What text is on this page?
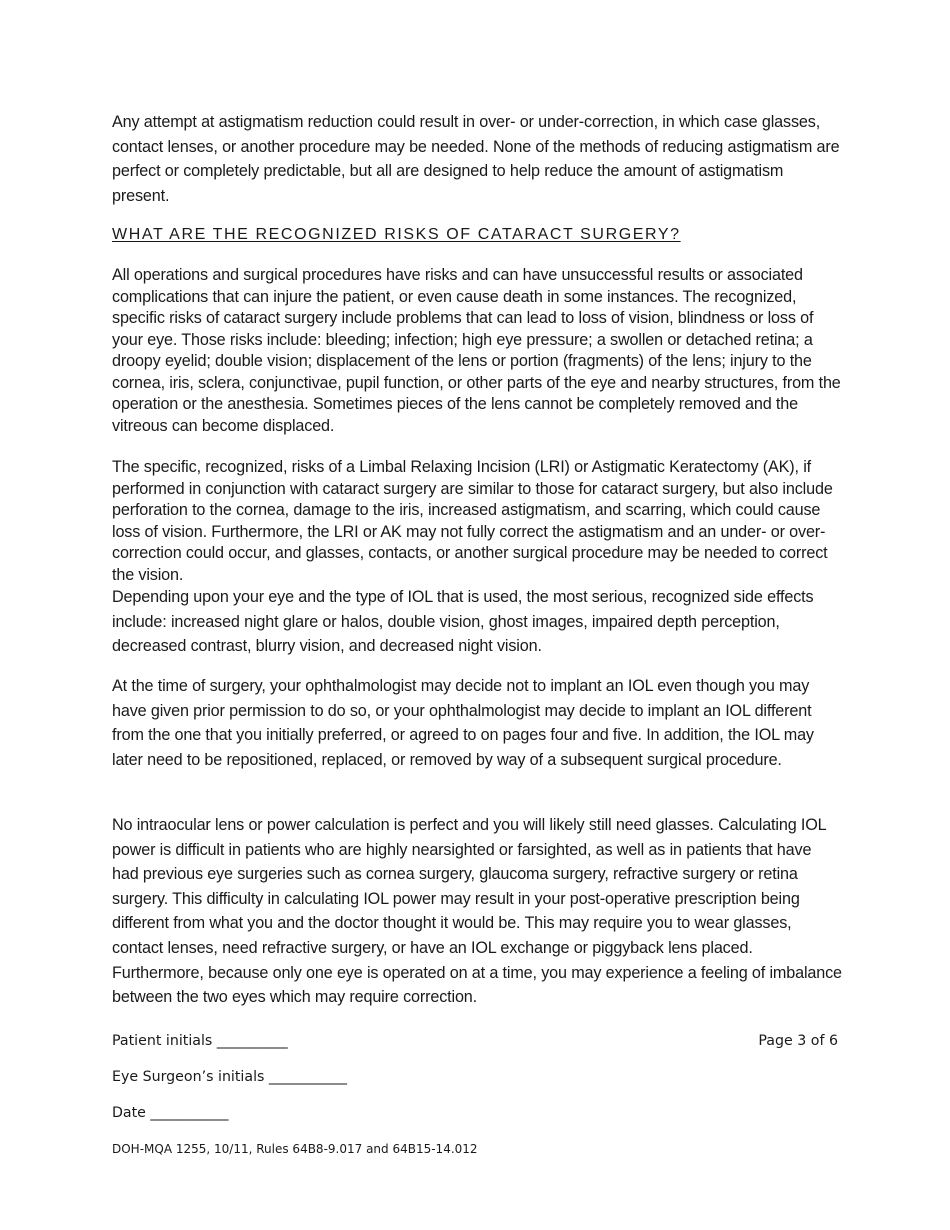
Any attempt at astigmatism reduction could result in over- or under-correction, in which case glasses, contact lenses, or another procedure may be needed. None of the methods of reducing astigmatism are perfect or completely predictable, but all are designed to help reduce the amount of astigmatism present.

WHAT ARE THE RECOGNIZED RISKS OF CATARACT SURGERY?

All operations and surgical procedures have risks and can have unsuccessful results or associated complications that can injure the patient, or even cause death in some instances. The recognized, specific risks of cataract surgery include problems that can lead to loss of vision, blindness or loss of your eye. Those risks include: bleeding; infection; high eye pressure; a swollen or detached retina; a droopy eyelid; double vision; displacement of the lens or portion (fragments) of the lens; injury to the cornea, iris, sclera, conjunctivae, pupil function, or other parts of the eye and nearby structures, from the operation or the anesthesia. Sometimes pieces of the lens cannot be completely removed and the vitreous can become displaced.

The specific, recognized, risks of a Limbal Relaxing Incision (LRI) or Astigmatic Keratectomy (AK), if performed in conjunction with cataract surgery are similar to those for cataract surgery, but also include perforation to the cornea, damage to the iris, increased astigmatism, and scarring, which could cause loss of vision. Furthermore, the LRI or AK may not fully correct the astigmatism and an under- or over-correction could occur, and glasses, contacts, or another surgical procedure may be needed to correct the vision.

Depending upon your eye and the type of IOL that is used, the most serious, recognized side effects include: increased night glare or halos, double vision, ghost images, impaired depth perception, decreased contrast, blurry vision, and decreased night vision.

At the time of surgery, your ophthalmologist may decide not to implant an IOL even though you may have given prior permission to do so, or your ophthalmologist may decide to implant an IOL different from the one that you initially preferred, or agreed to on pages four and five. In addition, the IOL may later need to be repositioned, replaced, or removed by way of a subsequent surgical procedure.

No intraocular lens or power calculation is perfect and you will likely still need glasses. Calculating IOL power is difficult in patients who are highly nearsighted or farsighted, as well as in patients that have had previous eye surgeries such as cornea surgery, glaucoma surgery, refractive surgery or retina surgery. This difficulty in calculating IOL power may result in your post-operative prescription being different from what you and the doctor thought it would be. This may require you to wear glasses, contact lenses, need refractive surgery, or have an IOL exchange or piggyback lens placed. Furthermore, because only one eye is operated on at a time, you may experience a feeling of imbalance between the two eyes which may require correction.

Patient initials __________	Page 3 of 6
Eye Surgeon’s initials ___________
Date ___________
DOH-MQA 1255, 10/11, Rules 64B8-9.017 and 64B15-14.012
